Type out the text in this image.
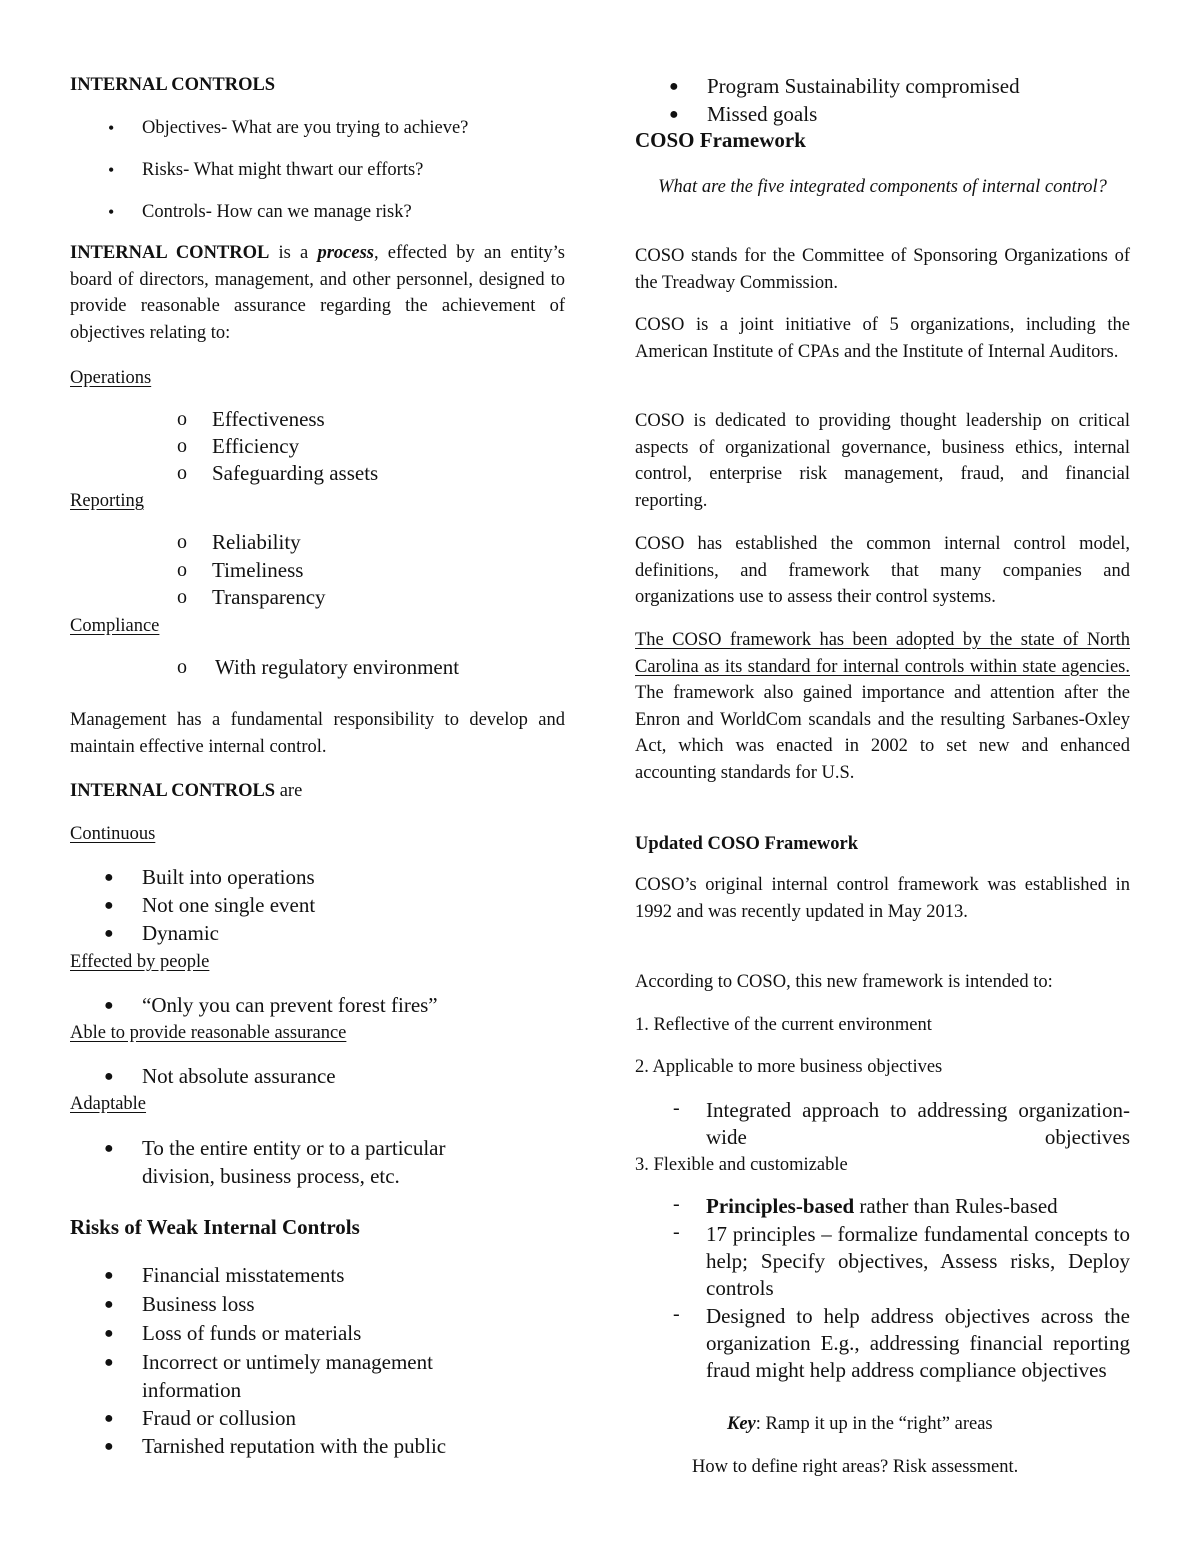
INTERNAL CONTROLS
• Objectives- What are you trying to achieve?
• Risks- What might thwart our efforts?
• Controls- How can we manage risk?
INTERNAL CONTROL is a process, effected by an entity’s board of directors, management, and other personnel, designed to provide reasonable assurance regarding the achievement of objectives relating to:
Operations
o Effectiveness
o Efficiency
o Safeguarding assets
Reporting
o Reliability
o Timeliness
o Transparency
Compliance
o With regulatory environment
Management has a fundamental responsibility to develop and maintain effective internal control.
INTERNAL CONTROLS are
Continuous
● Built into operations
● Not one single event
● Dynamic
Effected by people
● “Only you can prevent forest fires”
Able to provide reasonable assurance
● Not absolute assurance
Adaptable
● To the entire entity or to a particular division, business process, etc.
Risks of Weak Internal Controls
● Financial misstatements
● Business loss
● Loss of funds or materials
● Incorrect or untimely management information
● Fraud or collusion
● Tarnished reputation with the public
● Program Sustainability compromised
● Missed goals
COSO Framework
What are the five integrated components of internal control?
COSO stands for the Committee of Sponsoring Organizations of the Treadway Commission.
COSO is a joint initiative of 5 organizations, including the American Institute of CPAs and the Institute of Internal Auditors.
COSO is dedicated to providing thought leadership on critical aspects of organizational governance, business ethics, internal control, enterprise risk management, fraud, and financial reporting.
COSO has established the common internal control model, definitions, and framework that many companies and organizations use to assess their control systems.
The COSO framework has been adopted by the state of North Carolina as its standard for internal controls within state agencies. The framework also gained importance and attention after the Enron and WorldCom scandals and the resulting Sarbanes-Oxley Act, which was enacted in 2002 to set new and enhanced accounting standards for U.S.
Updated COSO Framework
COSO’s original internal control framework was established in 1992 and was recently updated in May 2013.
According to COSO, this new framework is intended to:
1. Reflective of the current environment
2. Applicable to more business objectives
- Integrated approach to addressing organization-wide objectives
3. Flexible and customizable
- Principles-based rather than Rules-based
- 17 principles – formalize fundamental concepts to help; Specify objectives, Assess risks, Deploy controls
- Designed to help address objectives across the organization E.g., addressing financial reporting fraud might help address compliance objectives
Key: Ramp it up in the “right” areas
How to define right areas? Risk assessment.
